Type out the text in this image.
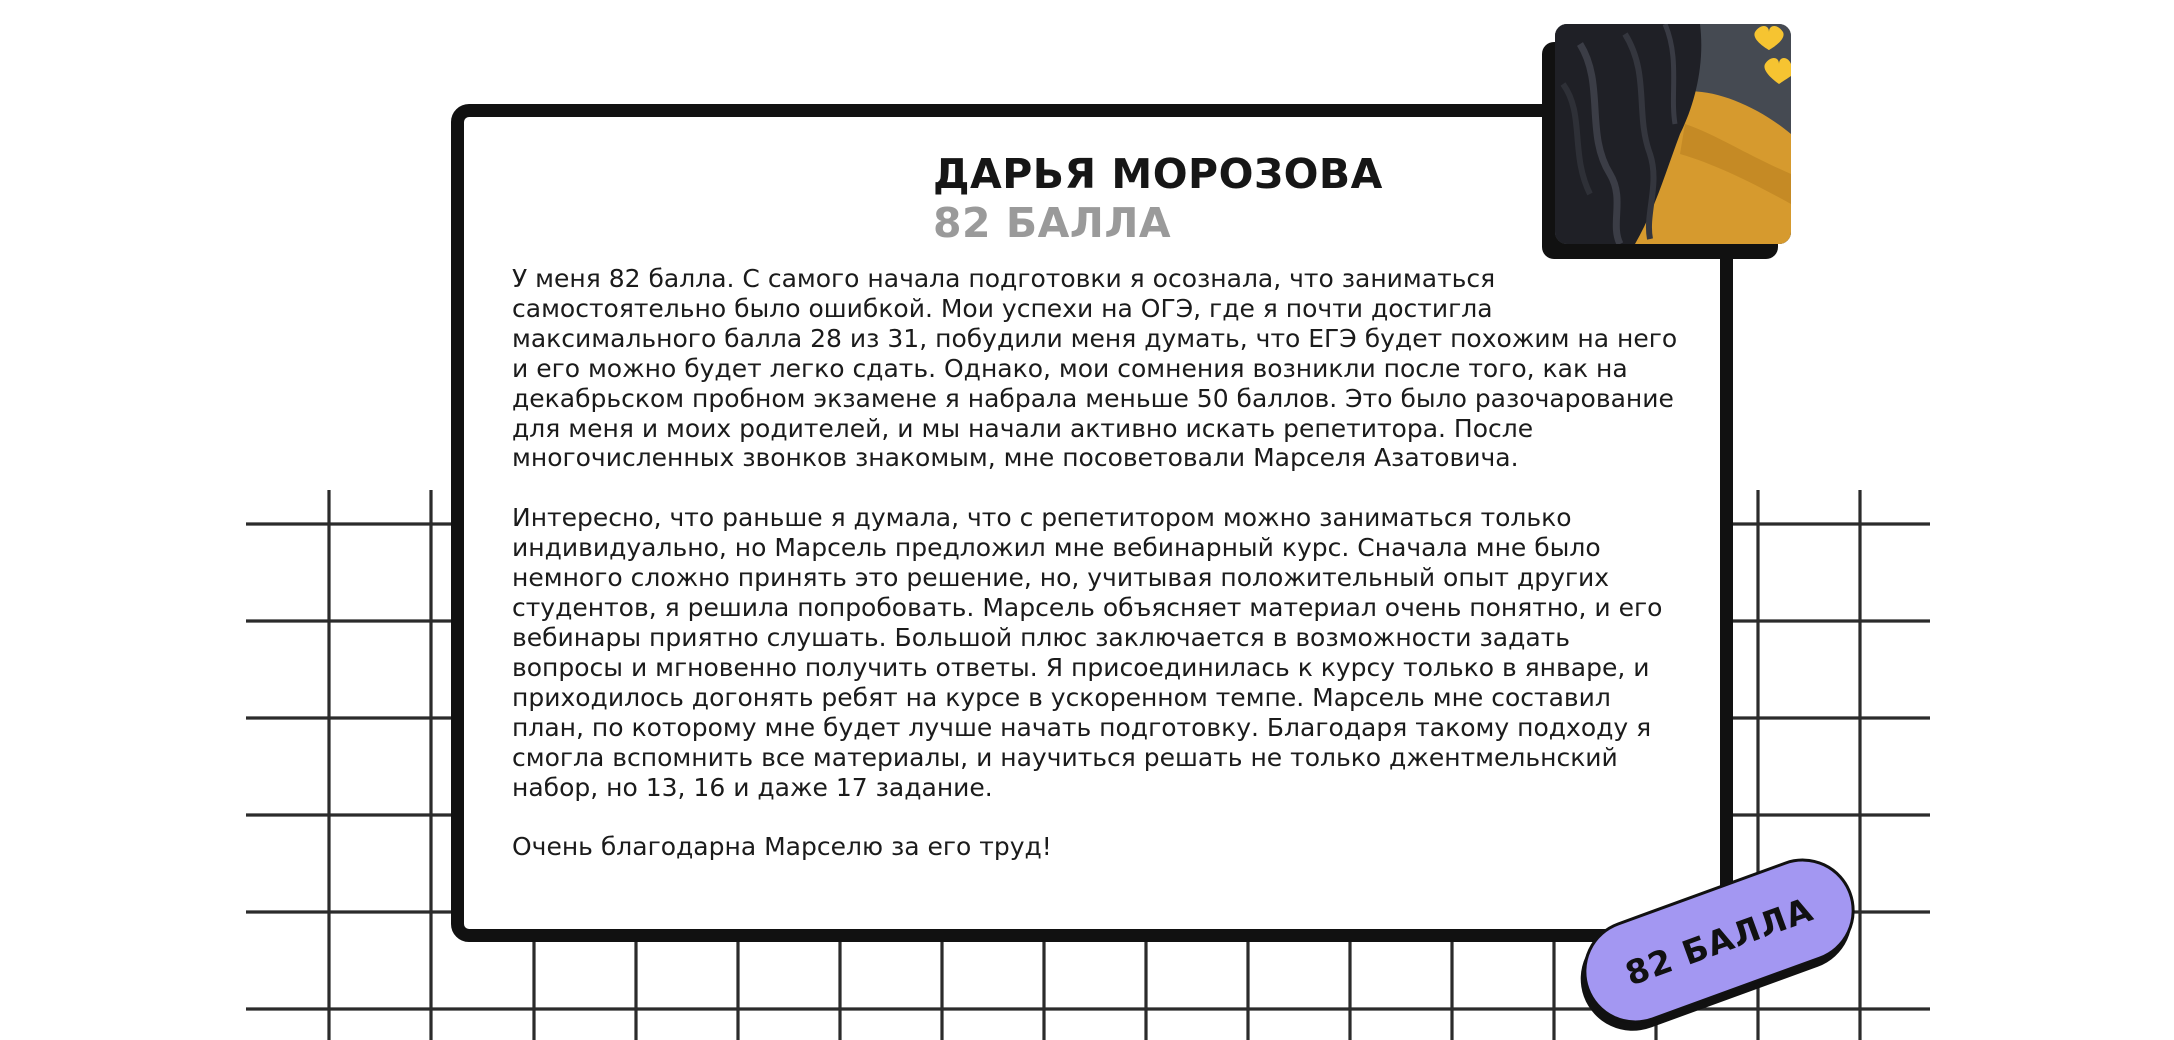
ДАРЬЯ МОРОЗОВА
82 БАЛЛА

У меня 82 балла. С самого начала подготовки я осознала, что заниматься самостоятельно было ошибкой. Мои успехи на ОГЭ, где я почти достигла максимального балла 28 из 31, побудили меня думать, что ЕГЭ будет похожим на него и его можно будет легко сдать. Однако, мои сомнения возникли после того, как на декабрьском пробном экзамене я набрала меньше 50 баллов. Это было разочарование для меня и моих родителей, и мы начали активно искать репетитора. После многочисленных звонков знакомым, мне посоветовали Марселя Азатовича.

Интересно, что раньше я думала, что с репетитором можно заниматься только индивидуально, но Марсель предложил мне вебинарный курс. Сначала мне было немного сложно принять это решение, но, учитывая положительный опыт других студентов, я решила попробовать. Марсель объясняет материал очень понятно, и его вебинары приятно слушать. Большой плюс заключается в возможности задать вопросы и мгновенно получить ответы. Я присоединилась к курсу только в январе, и приходилось догонять ребят на курсе в ускоренном темпе. Марсель мне составил план, по которому мне будет лучше начать подготовку. Благодаря такому подходу я смогла вспомнить все материалы, и научиться решать не только джентмельнский набор, но 13, 16 и даже 17 задание.

Очень благодарна Марселю за его труд!

82 БАЛЛА
